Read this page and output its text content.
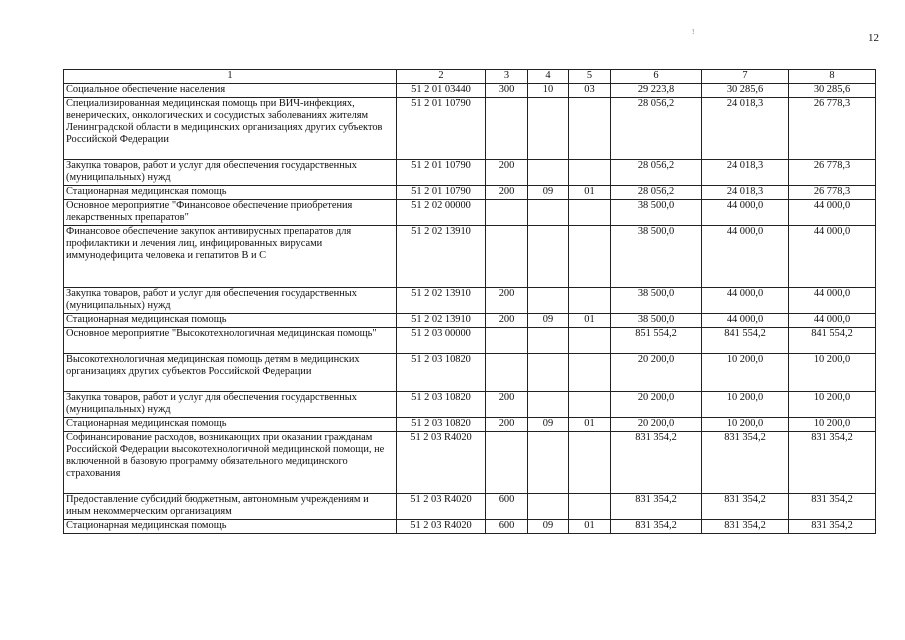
12
!
1	2	3	4	5	6	7	8
Социальное обеспечение населения	51 2 01 03440	300	10	03	29 223,8	30 285,6	30 285,6
Специализированная медицинская помощь при ВИЧ-инфекциях, венерических, онкологических и сосудистых заболеваниях жителям Ленинградской области в медицинских организациях других субъектов Российской Федерации	51 2 01 10790				28 056,2	24 018,3	26 778,3
Закупка товаров, работ и услуг для обеспечения государственных (муниципальных) нужд	51 2 01 10790	200			28 056,2	24 018,3	26 778,3
Стационарная медицинская помощь	51 2 01 10790	200	09	01	28 056,2	24 018,3	26 778,3
Основное мероприятие "Финансовое обеспечение приобретения лекарственных препаратов"	51 2 02 00000				38 500,0	44 000,0	44 000,0
Финансовое обеспечение закупок антивирусных препаратов для профилактики и лечения лиц, инфицированных вирусами иммунодефицита человека и гепатитов В и С	51 2 02 13910				38 500,0	44 000,0	44 000,0
Закупка товаров, работ и услуг для обеспечения государственных (муниципальных) нужд	51 2 02 13910	200			38 500,0	44 000,0	44 000,0
Стационарная медицинская помощь	51 2 02 13910	200	09	01	38 500,0	44 000,0	44 000,0
Основное мероприятие "Высокотехнологичная медицинская помощь"	51 2 03 00000				851 554,2	841 554,2	841 554,2
Высокотехнологичная медицинская помощь детям в медицинских организациях других субъектов Российской Федерации	51 2 03 10820				20 200,0	10 200,0	10 200,0
Закупка товаров, работ и услуг для обеспечения государственных (муниципальных) нужд	51 2 03 10820	200			20 200,0	10 200,0	10 200,0
Стационарная медицинская помощь	51 2 03 10820	200	09	01	20 200,0	10 200,0	10 200,0
Софинансирование расходов, возникающих при оказании гражданам Российской Федерации высокотехнологичной медицинской помощи, не включенной в базовую программу обязательного медицинского страхования	51 2 03 R4020				831 354,2	831 354,2	831 354,2
Предоставление субсидий бюджетным, автономным учреждениям и иным некоммерческим организациям	51 2 03 R4020	600			831 354,2	831 354,2	831 354,2
Стационарная медицинская помощь	51 2 03 R4020	600	09	01	831 354,2	831 354,2	831 354,2
